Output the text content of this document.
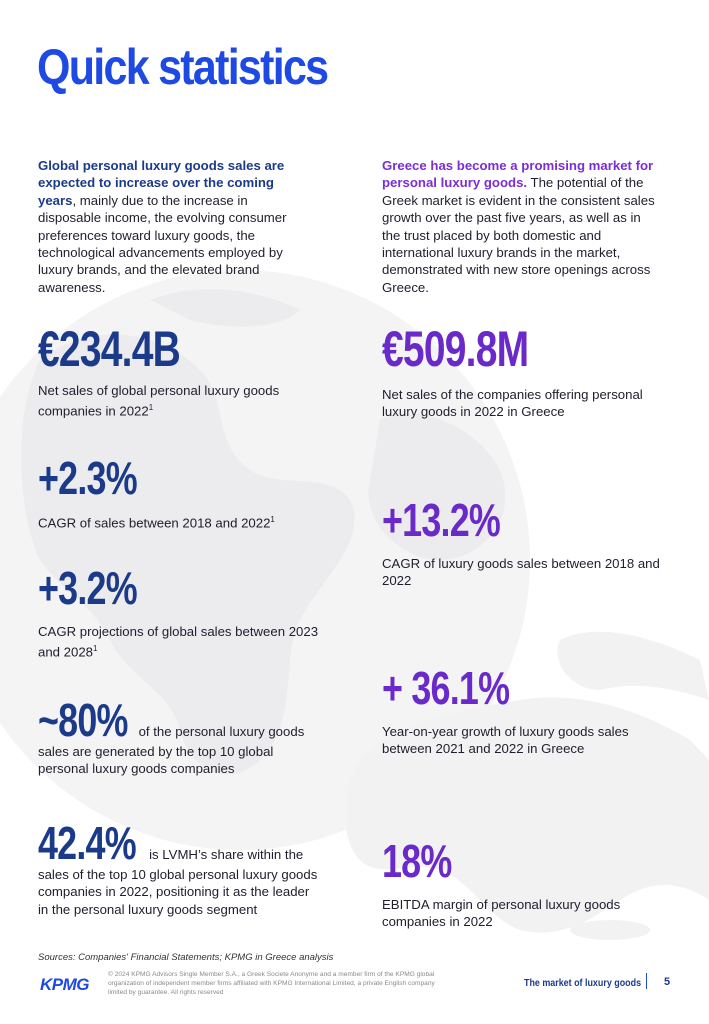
Quick statistics

Global personal luxury goods sales are expected to increase over the coming years, mainly due to the increase in disposable income, the evolving consumer preferences toward luxury goods, the technological advancements employed by luxury brands, and the elevated brand awareness.

Greece has become a promising market for personal luxury goods. The potential of the Greek market is evident in the consistent sales growth over the past five years, as well as in the trust placed by both domestic and international luxury brands in the market, demonstrated with new store openings across Greece.

€234.4B

Net sales of global personal luxury goods companies in 2022$^1$

+2.3%

CAGR of sales between 2018 and 2022$^1$

+3.2%

CAGR projections of global sales between 2023 and 2028$^1$

~80% of the personal luxury goods sales are generated by the top 10 global personal luxury goods companies
42.4% is LVMH’s share within the sales of the top 10 global personal luxury goods companies in 2022, positioning it as the leader in the personal luxury goods segment
€509.8M

Net sales of the companies offering personal luxury goods in 2022 in Greece

+13.2%

CAGR of luxury goods sales between 2018 and 2022

+ 36.1%

Year-on-year growth of luxury goods sales between 2021 and 2022 in Greece

18%

EBITDA margin of personal luxury goods companies in 2022

Sources: Companies' Financial Statements; KPMG in Greece analysis
KPMG
© 2024 KPMG Advisors Single Member S.A., a Greek Societe Anonyme and a member firm of the KPMG global organization of independent member firms affiliated with KPMG International Limited, a private English company limited by guarantee. All rights reserved
The market of luxury goods 5
